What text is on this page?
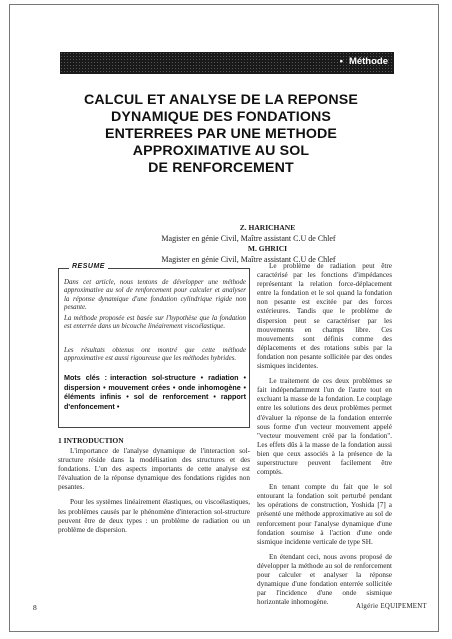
• Méthode
CALCUL ET ANALYSE DE LA REPONSE
DYNAMIQUE DES FONDATIONS
ENTERREES PAR UNE METHODE
APPROXIMATIVE AU SOL
DE RENFORCEMENT
Z. HARICHANE
Magister en génie Civil, Maître assistant C.U de Chlef
M. GHRICI
Magister en génie Civil, Maître assistant C.U de Chlef
RESUME

Dans cet article, nous tentons de développer une méthode approximative au sol de renforcement pour calculer et analyser la réponse dynamique d'une fondation cylindrique rigide non pesante.

La méthode proposée est basée sur l'hypothèse que la fondation est enterrée dans un bicouche linéairement viscoélastique.

Les résultats obtenus ont montré que cette méthode approximative est aussi rigoureuse que les méthodes hybrides.

Mots clés : interaction sol-structure • radiation • dispersion • mouvement crées • onde inhomogène • éléments infinis • sol de renforcement • rapport d'enfoncement •
1 INTRODUCTION

L'importance de l'analyse dynamique de l'interaction sol-structure réside dans la modélisation des structures et des fondations. L'un des aspects importants de cette analyse est l'évaluation de la réponse dynamique des fondations rigides non pesantes.

Pour les systèmes linéairement élastiques, ou viscoélastiques, les problèmes causés par le phénomène d'interaction sol-structure peuvent être de deux types : un problème de radiation ou un problème de dispersion.

Le problème de radiation peut être caractérisé par les fonctions d'impédances représentant la relation force-déplacement entre la fondation et le sol quand la fondation non pesante est excitée par des forces extérieures. Tandis que le problème de dispersion peut se caractériser par les mouvements en champs libre. Ces mouvements sont définis comme des déplacements et des rotations subis par la fondation non pesante sollicitée par des ondes sismiques incidentes.

Le traitement de ces deux problèmes se fait indépendamment l'un de l'autre tout en excluant la masse de la fondation. Le couplage entre les solutions des deux problèmes permet d'évaluer la réponse de la fondation enterrée sous forme d'un vecteur mouvement appelé "vecteur mouvement créé par la fondation". Les effets dûs à la masse de la fondation aussi bien que ceux associés à la présence de la superstructure peuvent facilement être comptés.

En tenant compte du fait que le sol entourant la fondation soit perturbé pendant les opérations de construction, Yoshida [7] a présenté une méthode approximative au sol de renforcement pour l'analyse dynamique d'une fondation soumise à l'action d'une onde sismique incidente verticale de type SH.

En étendant ceci, nous avons proposé de développer la méthode au sol de renforcement pour calculer et analyser la réponse dynamique d'une fondation enterrée sollicitée par l'incidence d'une onde sismique horizontale inhomogène.

8	Algérie EQUIPEMENT
